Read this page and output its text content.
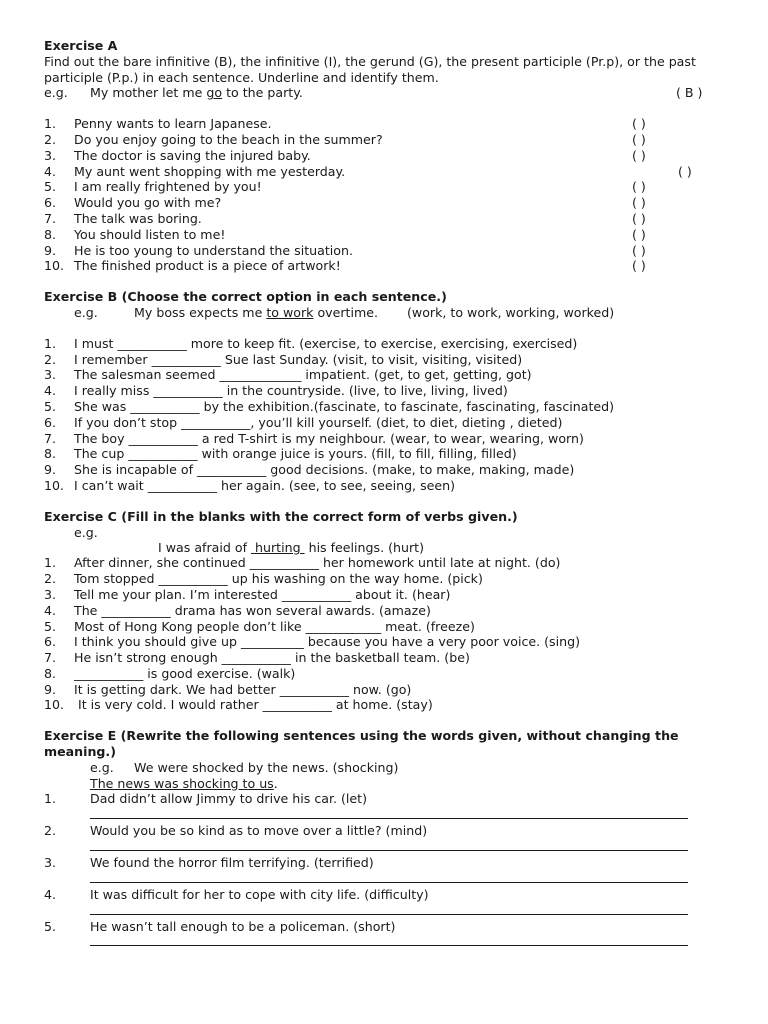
Exercise A
Find out the bare infinitive (B), the infinitive (I), the gerund (G), the present participle (Pr.p), or the past participle (P.p.) in each sentence. Underline and identify them.
e.g. My mother let me go to the party.	( B )
1. Penny wants to learn Japanese.	( )
2. Do you enjoy going to the beach in the summer?	( )
3. The doctor is saving the injured baby.	( )
4. My aunt went shopping with me yesterday.	( )
5. I am really frightened by you!	( )
6. Would you go with me?	( )
7. The talk was boring.	( )
8. You should listen to me!	( )
9. He is too young to understand the situation.	( )
10. The finished product is a piece of artwork!	( )
Exercise B (Choose the correct option in each sentence.)
e.g.	My boss expects me to work overtime. (work, to work, working, worked)
1. I must ___________ more to keep fit. (exercise, to exercise, exercising, exercised)
2. I remember ___________ Sue last Sunday. (visit, to visit, visiting, visited)
3. The salesman seemed _____________ impatient. (get, to get, getting, got)
4. I really miss ___________ in the countryside. (live, to live, living, lived)
5. She was ___________ by the exhibition.(fascinate, to fascinate, fascinating, fascinated)
6. If you don’t stop ___________, you’ll kill yourself. (diet, to diet, dieting , dieted)
7. The boy ___________ a red T-shirt is my neighbour. (wear, to wear, wearing, worn)
8. The cup ___________ with orange juice is yours. (fill, to fill, filling, filled)
9. She is incapable of ___________ good decisions. (make, to make, making, made)
10. I can’t wait ___________ her again. (see, to see, seeing, seen)
Exercise C (Fill in the blanks with the correct form of verbs given.)
e.g.

I was afraid of  hurting  his feelings. (hurt)

1. After dinner, she continued ___________ her homework until late at night. (do)
2. Tom stopped ___________ up his washing on the way home. (pick)
3. Tell me your plan. I’m interested ___________ about it. (hear)
4. The ___________ drama has won several awards. (amaze)
5. Most of Hong Kong people don’t like ____________ meat. (freeze)
6. I think you should give up __________ because you have a very poor voice. (sing)
7. He isn’t strong enough ___________ in the basketball team. (be)
8. ___________ is good exercise. (walk)
9. It is getting dark. We had better ___________ now. (go)
10. It is very cold. I would rather ___________ at home. (stay)
Exercise E (Rewrite the following sentences using the words given, without changing the meaning.)
e.g. We were shocked by the news. (shocking)
The news was shocking to us.
1.	Dad didn’t allow Jimmy to drive his car. (let)
2.	Would you be so kind as to move over a little? (mind)
3.	We found the horror film terrifying. (terrified)
4.	It was difficult for her to cope with city life. (difficulty)
5.	He wasn’t tall enough to be a policeman. (short)
